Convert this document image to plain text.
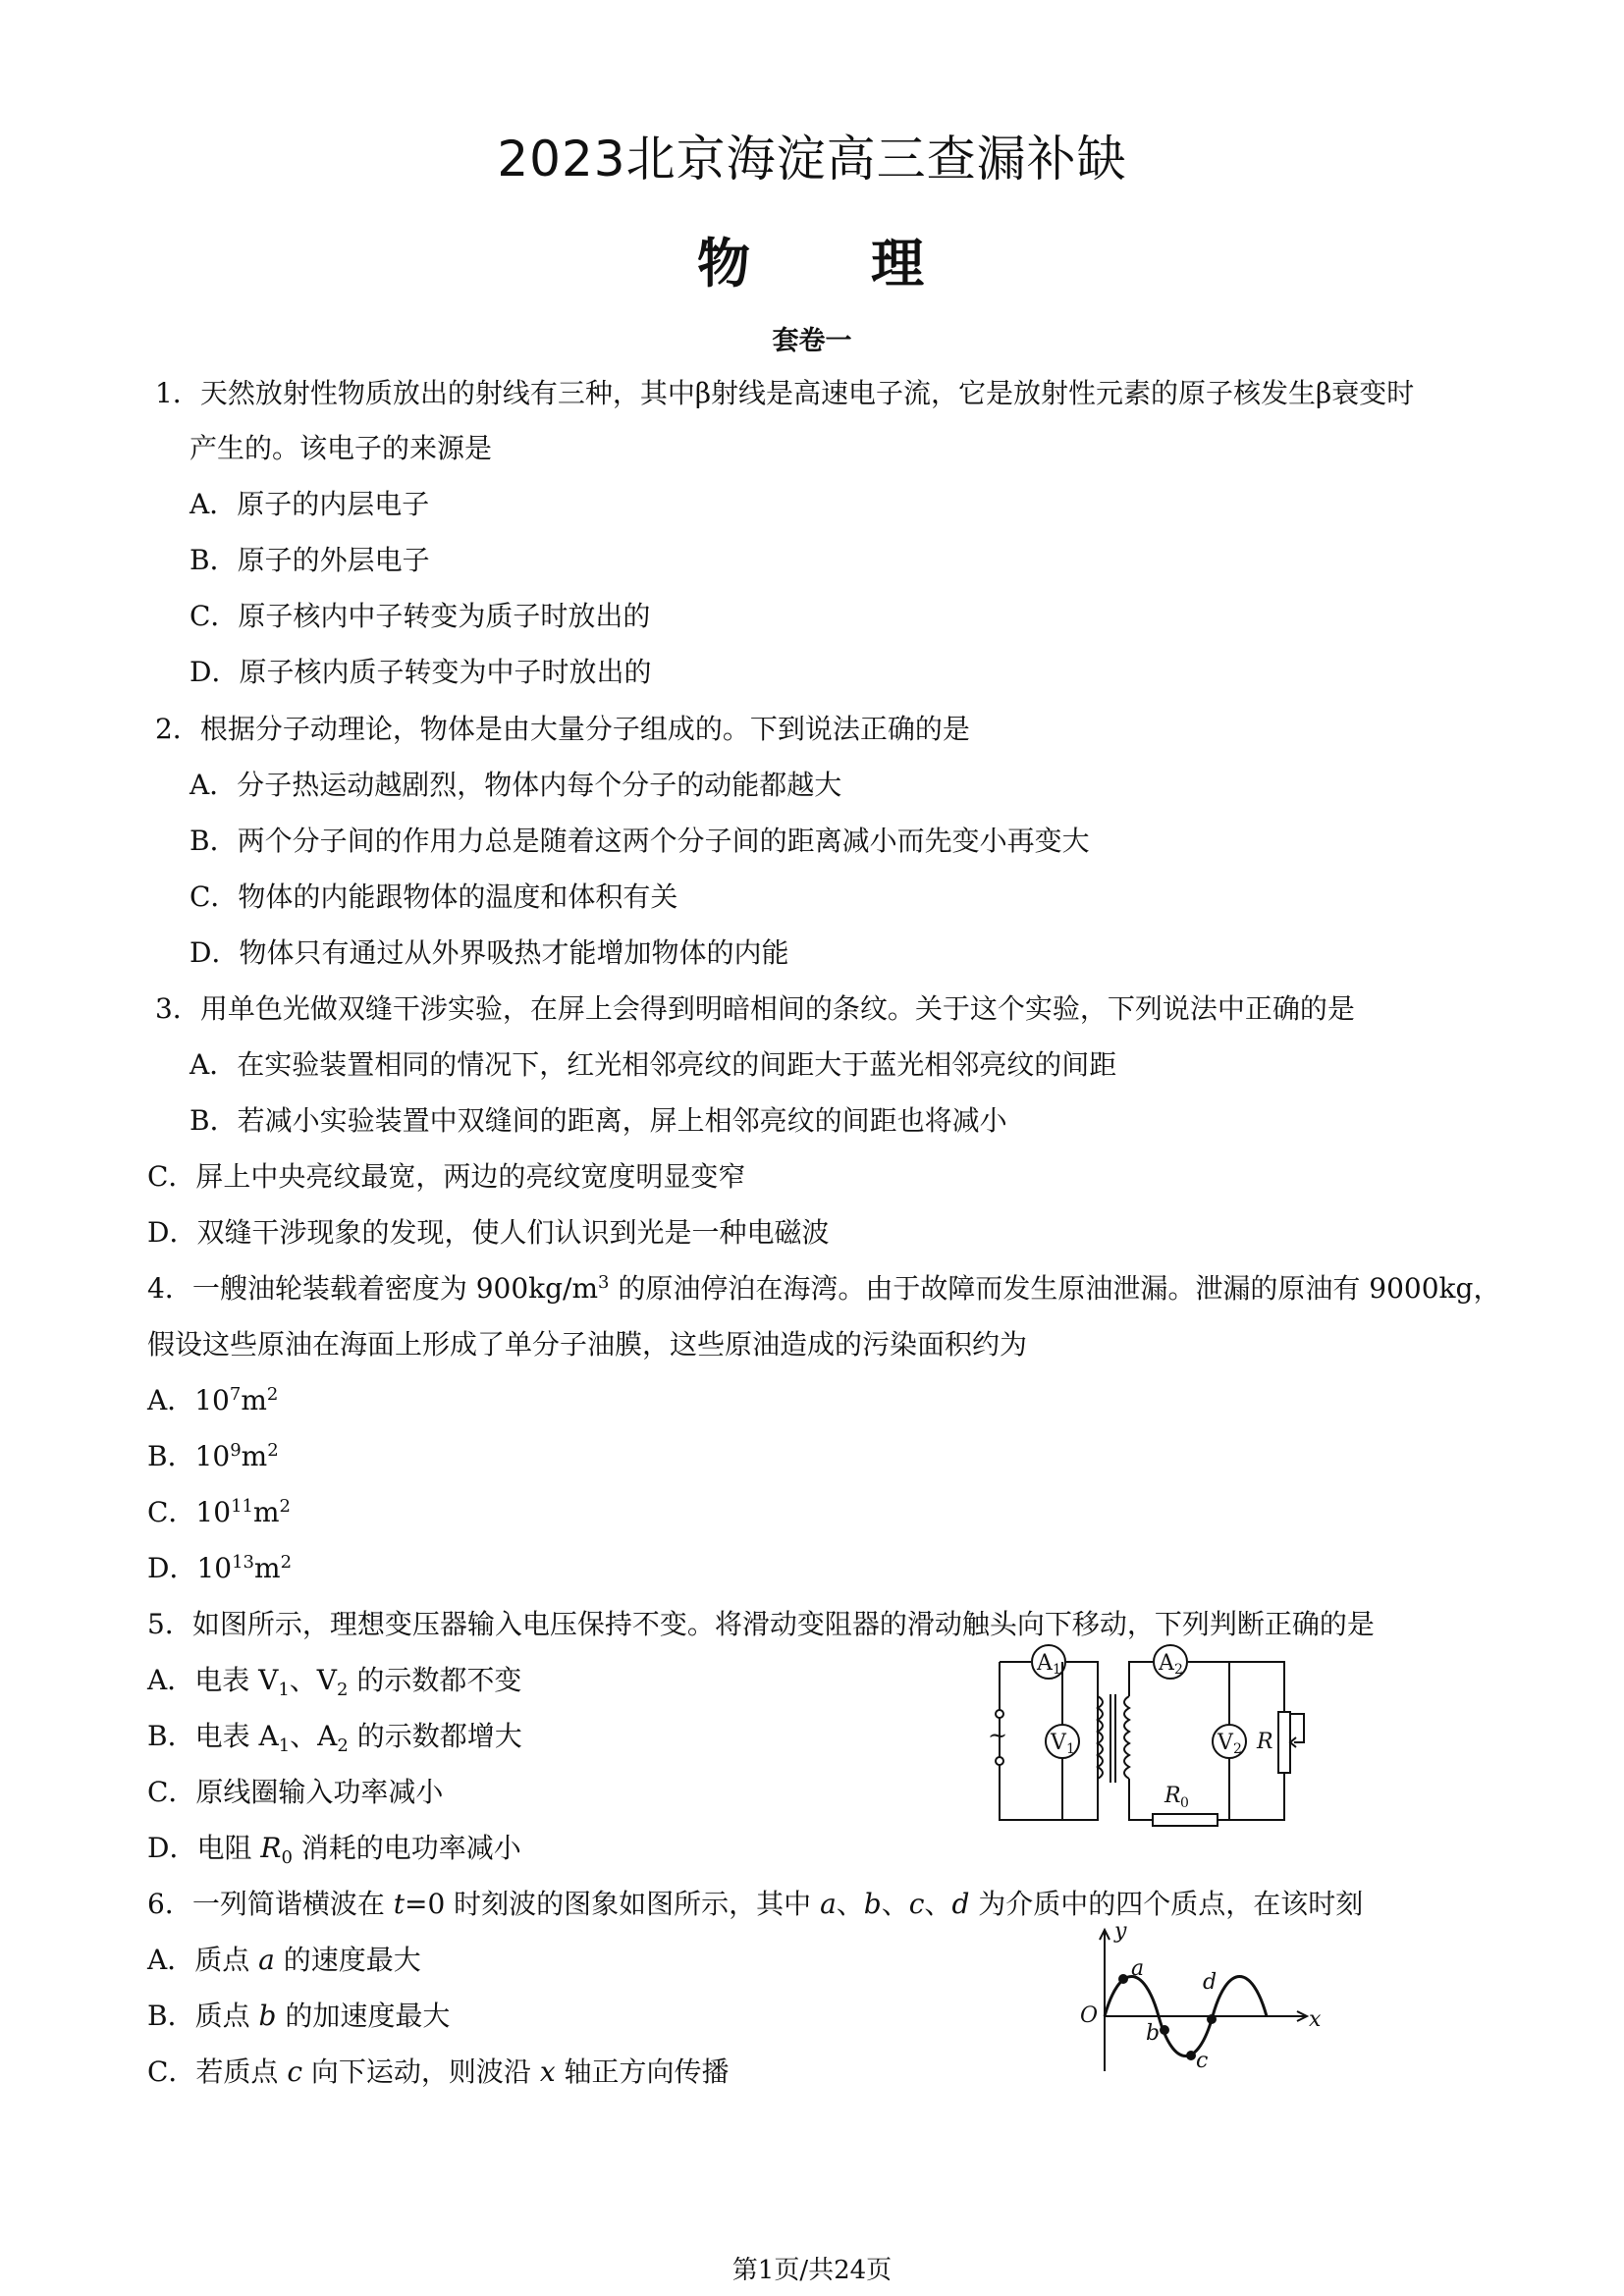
2023北京海淀高三查漏补缺
物 理
套卷一
1．天然放射性物质放出的射线有三种，其中β射线是高速电子流，它是放射性元素的原子核发生β衰变时
产生的。该电子的来源是
A．原子的内层电子
B．原子的外层电子
C．原子核内中子转变为质子时放出的
D．原子核内质子转变为中子时放出的
2．根据分子动理论，物体是由大量分子组成的。下到说法正确的是
A．分子热运动越剧烈，物体内每个分子的动能都越大
B．两个分子间的作用力总是随着这两个分子间的距离减小而先变小再变大
C．物体的内能跟物体的温度和体积有关
D．物体只有通过从外界吸热才能增加物体的内能
3．用单色光做双缝干涉实验，在屏上会得到明暗相间的条纹。关于这个实验，下列说法中正确的是
A．在实验装置相同的情况下，红光相邻亮纹的间距大于蓝光相邻亮纹的间距
B．若减小实验装置中双缝间的距离，屏上相邻亮纹的间距也将减小
C．屏上中央亮纹最宽，两边的亮纹宽度明显变窄
D．双缝干涉现象的发现，使人们认识到光是一种电磁波
4．一艘油轮装载着密度为 $900kg/m^3$ 的原油停泊在海湾。由于故障而发生原油泄漏。泄漏的原油有 9000kg，
假设这些原油在海面上形成了单分子油膜，这些原油造成的污染面积约为
A．$10^7m^2$
B．$10^9m^2$
C．$10^{11}m^2$
D．$10^{13}m^2$
5．如图所示，理想变压器输入电压保持不变。将滑动变阻器的滑动触头向下移动，下列判断正确的是
A．电表 $V_1$、$V_2$ 的示数都不变
B．电表 $A_1$、$A_2$ 的示数都增大
C．原线圈输入功率减小
D．电阻 $R_0$ 消耗的电功率减小
A 1
~ V 1
A 2
R 0
V 2 R
6．一列简谐横波在 t=0 时刻波的图象如图所示，其中 a、b、c、d 为介质中的四个质点，在该时刻
A．质点 a 的速度最大
B．质点 b 的加速度最大
C．若质点 c 向下运动，则波沿 x 轴正方向传播
y
x
O
a
b
c
d
第1页/共24页
